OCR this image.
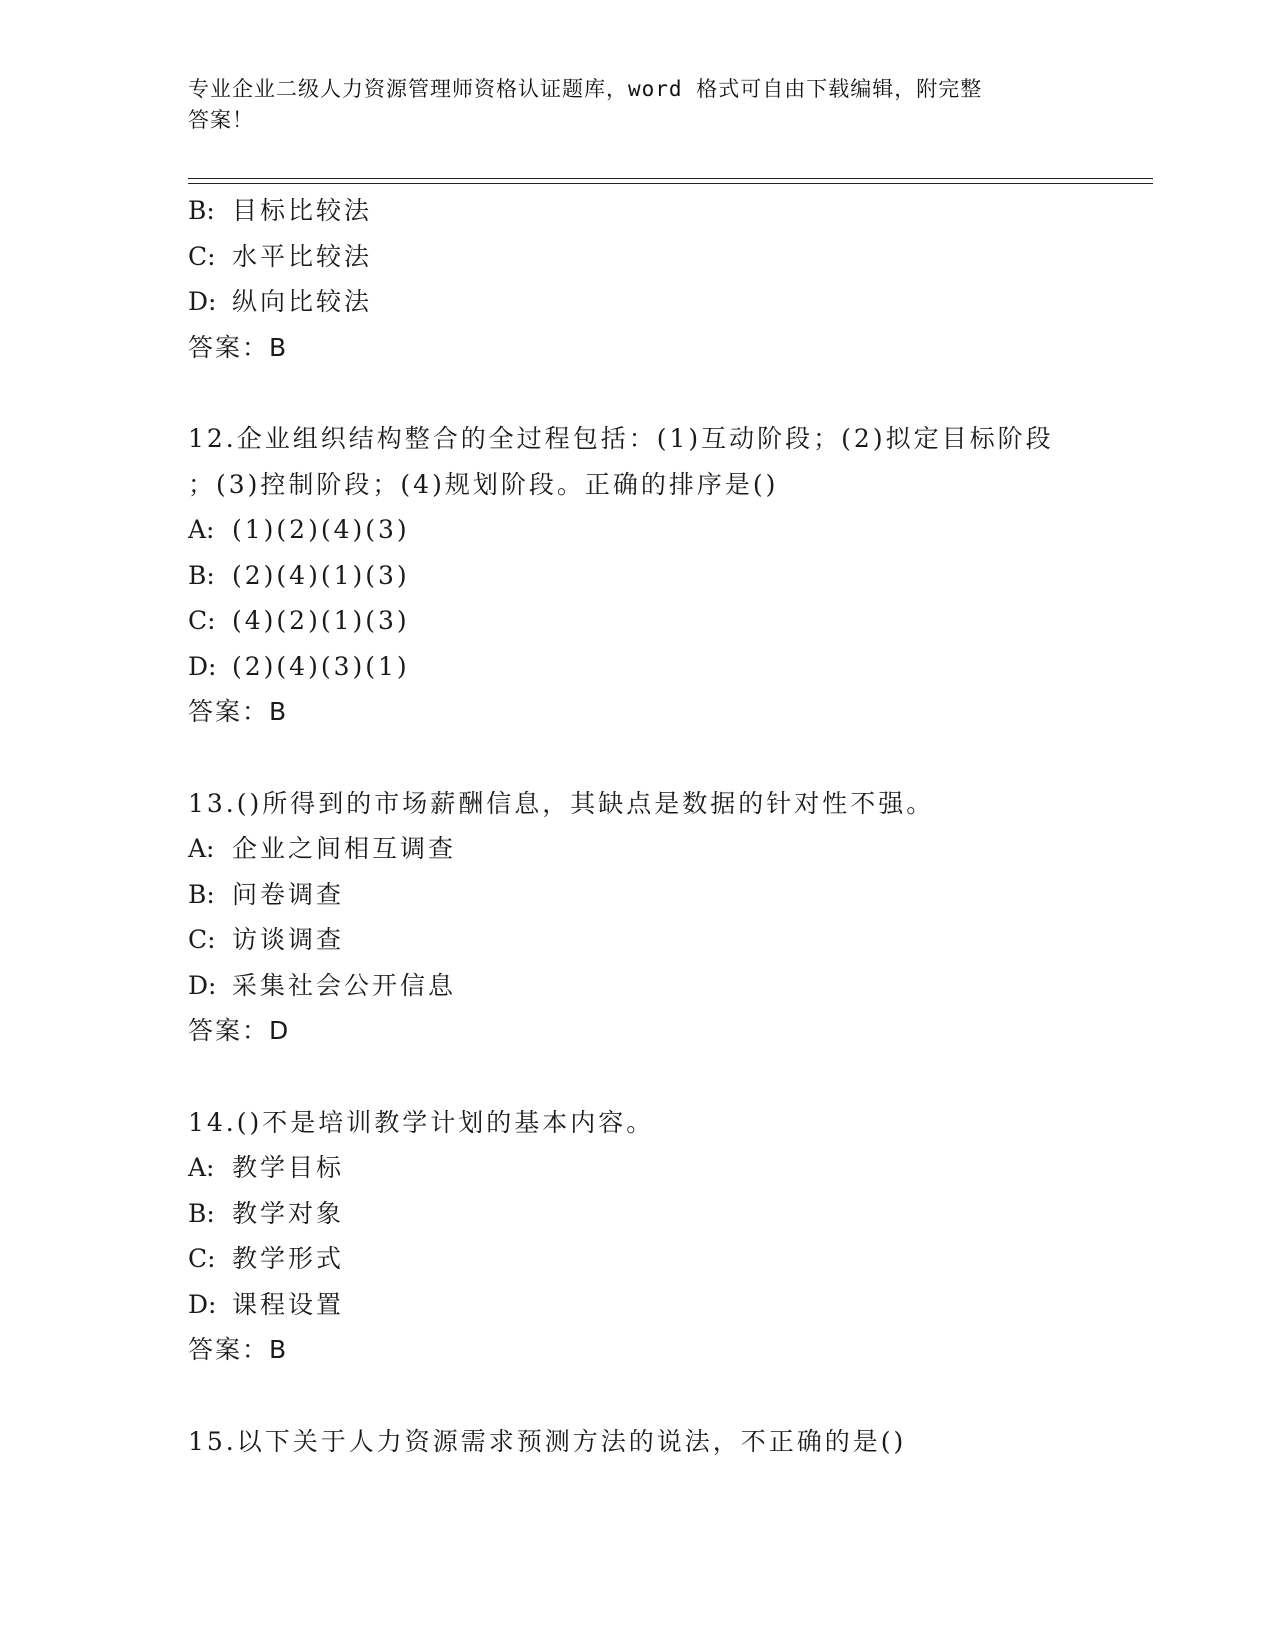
专业企业二级人力资源管理师资格认证题库，word 格式可自由下载编辑，附完整
答案！
B: 目标比较法
C: 水平比较法
D: 纵向比较法
答案：B
12.企业组织结构整合的全过程包括：(1)互动阶段；(2)拟定目标阶段
；(3)控制阶段；(4)规划阶段。正确的排序是()
A: (1)(2)(4)(3)
B: (2)(4)(1)(3)
C: (4)(2)(1)(3)
D: (2)(4)(3)(1)
答案：B
13.()所得到的市场薪酬信息，其缺点是数据的针对性不强。
A: 企业之间相互调查
B: 问卷调查
C: 访谈调查
D: 采集社会公开信息
答案：D
14.()不是培训教学计划的基本内容。
A: 教学目标
B: 教学对象
C: 教学形式
D: 课程设置
答案：B
15.以下关于人力资源需求预测方法的说法，不正确的是()
